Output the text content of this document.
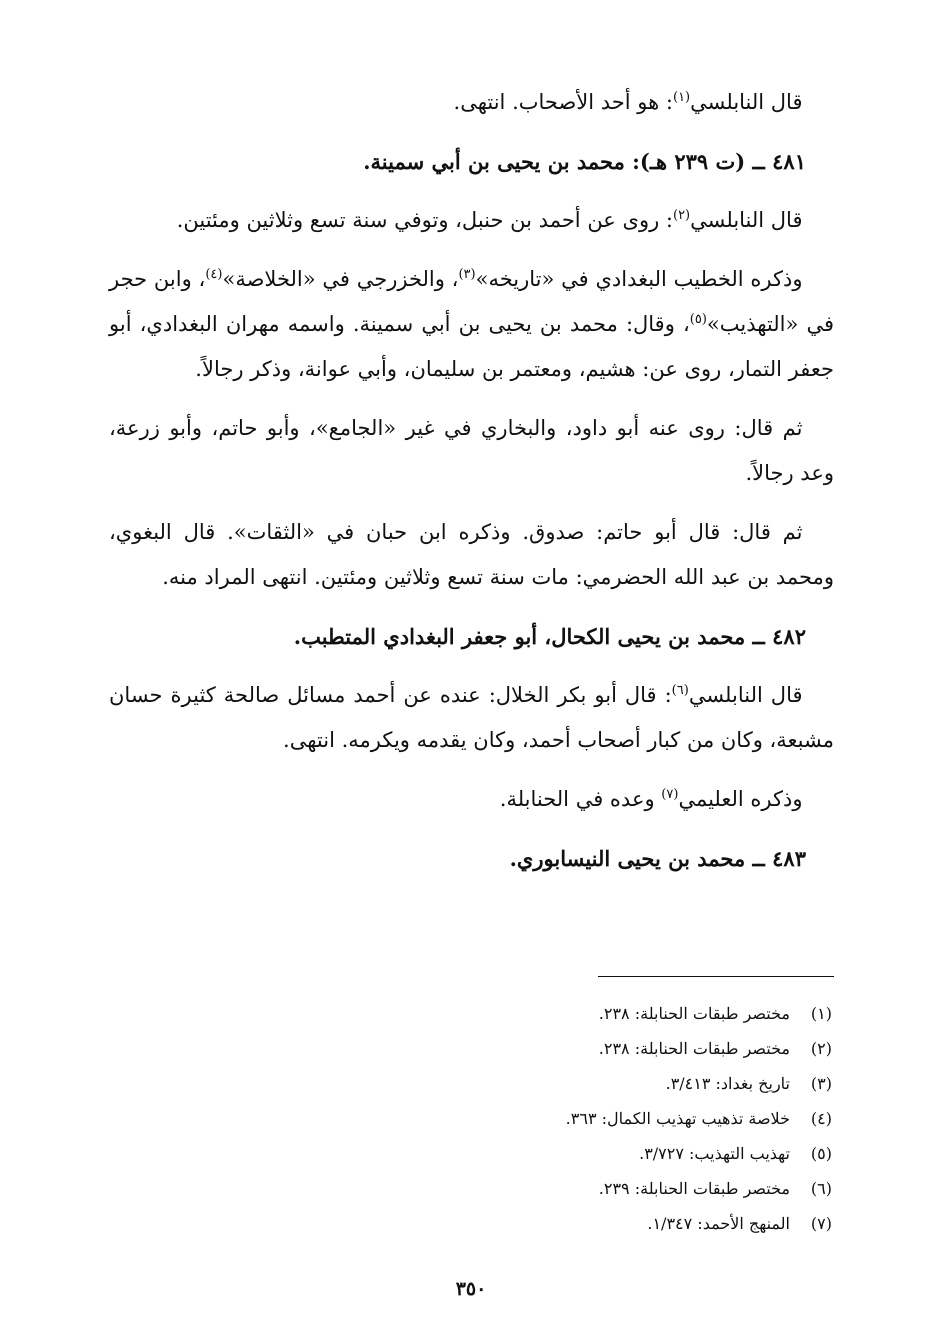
قال النابلسي$^{(١)}$: هو أحد الأصحاب. انتهى.

٤٨١ ــ (ت ٢٣٩ هـ): محمد بن يحيى بن أبي سمينة.

قال النابلسي$^{(٢)}$: روى عن أحمد بن حنبل، وتوفي سنة تسع وثلاثين ومئتين.

وذكره الخطيب البغدادي في «تاريخه»$^{(٣)}$، والخزرجي في «الخلاصة»$^{(٤)}$، وابن حجر في «التهذيب»$^{(٥)}$، وقال: محمد بن يحيى بن أبي سمينة. واسمه مهران البغدادي، أبو جعفر التمار، روى عن: هشيم، ومعتمر بن سليمان، وأبي عوانة، وذكر رجالاً.

ثم قال: روى عنه أبو داود، والبخاري في غير «الجامع»، وأبو حاتم، وأبو زرعة، وعد رجالاً.

ثم قال: قال أبو حاتم: صدوق. وذكره ابن حبان في «الثقات». قال البغوي، ومحمد بن عبد الله الحضرمي: مات سنة تسع وثلاثين ومئتين. انتهى المراد منه.

٤٨٢ ــ محمد بن يحيى الكحال، أبو جعفر البغدادي المتطبب.

قال النابلسي$^{(٦)}$: قال أبو بكر الخلال: عنده عن أحمد مسائل صالحة كثيرة حسان مشبعة، وكان من كبار أصحاب أحمد، وكان يقدمه ويكرمه. انتهى.

وذكره العليمي$^{(٧)}$ وعده في الحنابلة.

٤٨٣ ــ محمد بن يحيى النيسابوري.

(١)
مختصر طبقات الحنابلة: ٢٣٨.
(٢)
مختصر طبقات الحنابلة: ٢٣٨.
(٣)
تاريخ بغداد: ٣/٤١٣.
(٤)
خلاصة تذهيب تهذيب الكمال: ٣٦٣.
(٥)
تهذيب التهذيب: ٣/٧٢٧.
(٦)
مختصر طبقات الحنابلة: ٢٣٩.
(٧)
المنهج الأحمد: ١/٣٤٧.
٣٥٠
